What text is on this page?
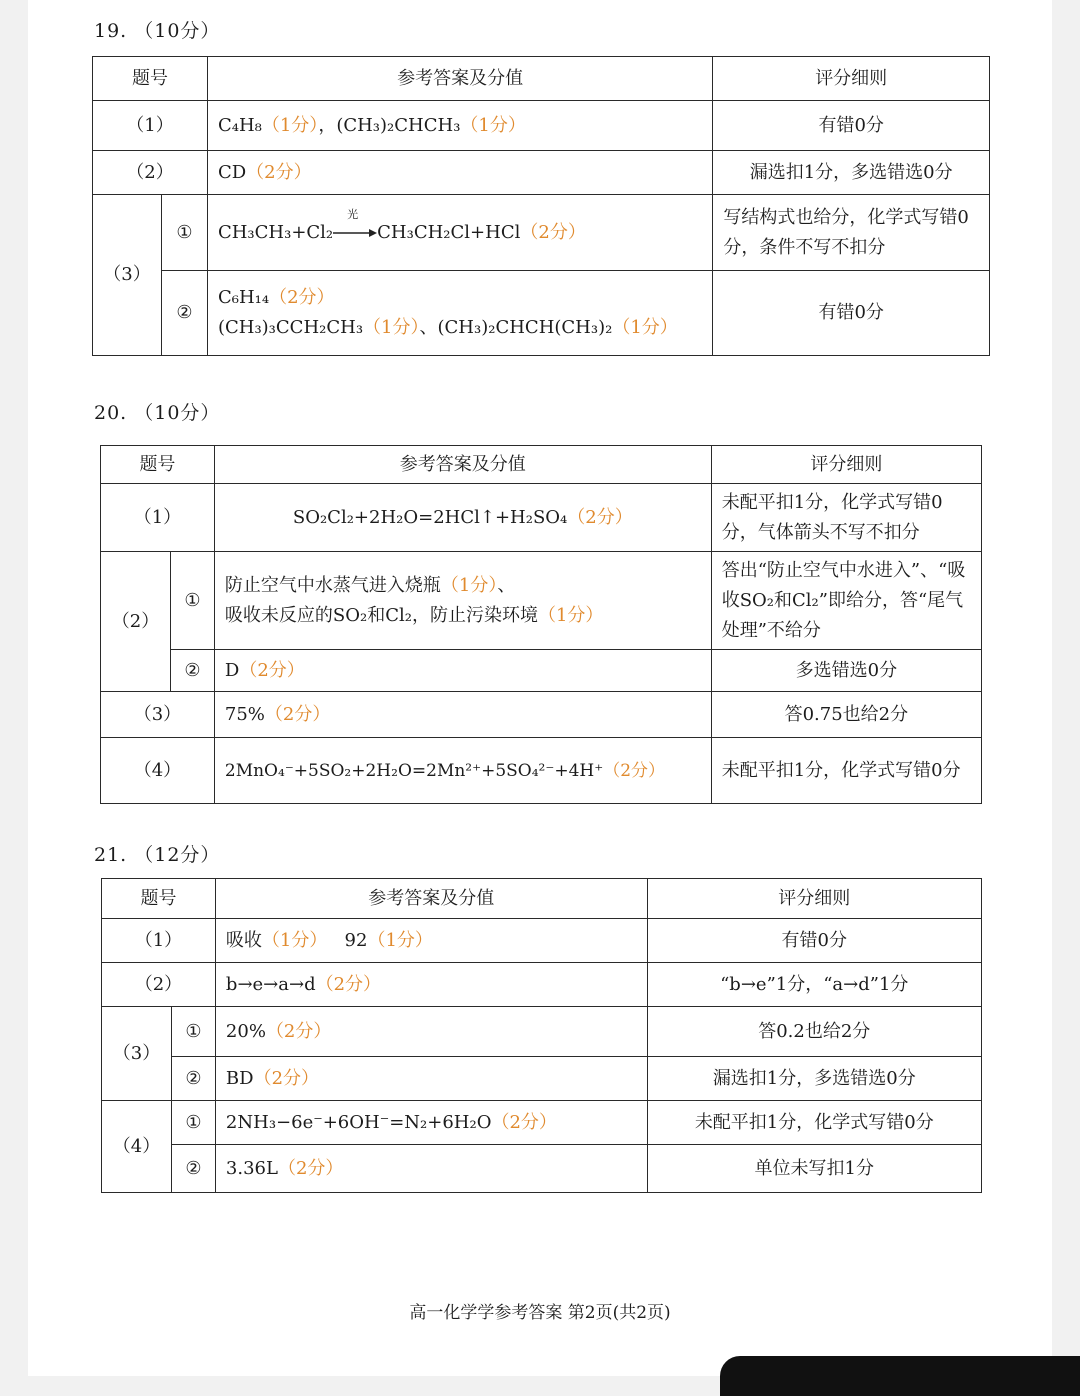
19. （10分）
题号		参考答案及分值	评分细则
（1）		C₄H₈（1分），(CH₃)₂CHCH₃（1分）	有错0分
（2）		CD（2分）	漏选扣1分，多选错选0分
（3）	①	CH₃CH₃+Cl₂
光
CH₃CH₂Cl+HCl（2分）	写结构式也给分，化学式写错0分，条件不写不扣分
	②	C₆H₁₄（2分）
(CH₃)₃CCH₂CH₃（1分）、(CH₃)₂CHCH(CH₃)₂（1分）	有错0分
20. （10分）
题号		参考答案及分值	评分细则
（1）		SO₂Cl₂+2H₂O=2HCl↑+H₂SO₄（2分）	未配平扣1分，化学式写错0分，气体箭头不写不扣分
（2）	①	防止空气中水蒸气进入烧瓶（1分）、
吸收未反应的SO₂和Cl₂，防止污染环境（1分）	答出“防止空气中水进入”、“吸收SO₂和Cl₂”即给分，答“尾气处理”不给分
	②	D（2分）	多选错选0分
（3）		75%（2分）	答0.75也给2分
（4）		2MnO₄⁻+5SO₂+2H₂O=2Mn²⁺+5SO₄²⁻+4H⁺（2分）	未配平扣1分，化学式写错0分
21. （12分）
题号		参考答案及分值	评分细则
（1）		吸收（1分） 92（1分）	有错0分
（2）		b→e→a→d（2分）	“b→e”1分，“a→d”1分
（3）	①	20%（2分）	答0.2也给2分
	②	BD（2分）	漏选扣1分，多选错选0分
（4）	①	2NH₃−6e⁻+6OH⁻=N₂+6H₂O（2分）	未配平扣1分，化学式写错0分
	②	3.36L（2分）	单位未写扣1分
高一化学学参考答案 第2页(共2页)
